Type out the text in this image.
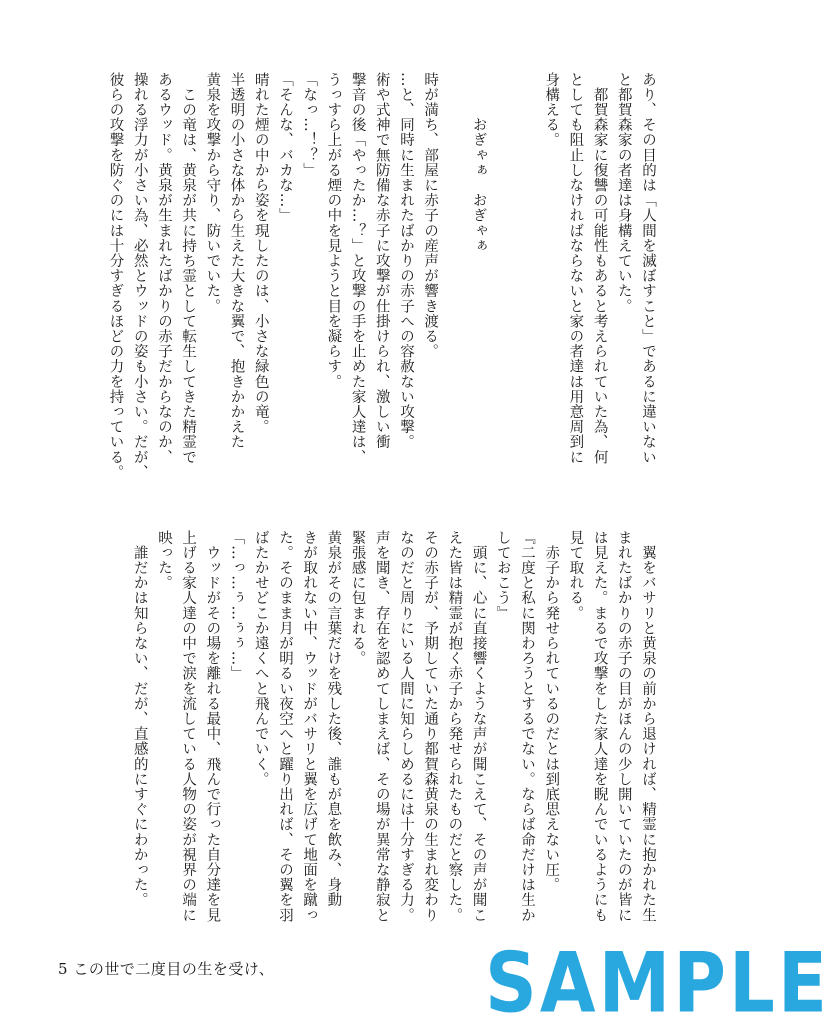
あり、その目的は「人間を滅ぼすこと」であるに違いない

と都賀森家の者達は身構えていた。

　都賀森家に復讐の可能性もあると考えられていた為、何

としても阻止しなければならないと家の者達は用意周到に

身構える。

　　　おぎゃぁ　おぎゃぁ

時が満ち、部屋に赤子の産声が響き渡る。

…と、同時に生まれたばかりの赤子への容赦ない攻撃。

術や式神で無防備な赤子に攻撃が仕掛けられ、激しい衝

撃音の後「やったか…？」と攻撃の手を止めた家人達は、

うっすら上がる煙の中を見ようと目を凝らす。

「なっ…！？」

「そんな、バカな…」

晴れた煙の中から姿を現したのは、小さな緑色の竜。

半透明の小さな体から生えた大きな翼で、抱きかかえた

黄泉を攻撃から守り、防いでいた。

　この竜は、黄泉が共に持ち霊として転生してきた精霊で

あるウッド。黄泉が生まれたばかりの赤子だからなのか、

操れる浮力が小さい為、必然とウッドの姿も小さい。だが、

彼らの攻撃を防ぐのには十分すぎるほどの力を持っている。

　翼をバサリと黄泉の前から退ければ、精霊に抱かれた生

まれたばかりの赤子の目がほんの少し開いていたのが皆に

は見えた。まるで攻撃をした家人達を睨んでいるようにも

見て取れる。

　赤子から発せられているのだとは到底思えない圧。

『二度と私に関わろうとするでない。ならば命だけは生か

しておこう』

　頭に、心に直接響くような声が聞こえて、その声が聞こ

えた皆は精霊が抱く赤子から発せられたものだと察した。

その赤子が、予期していた通り都賀森黄泉の生まれ変わり

なのだと周りにいる人間に知らしめるには十分すぎる力。

声を聞き、存在を認めてしまえば、その場が異常な静寂と

緊張感に包まれる。

黄泉がその言葉だけを残した後、誰もが息を飲み、身動

きが取れない中、ウッドがバサリと翼を広げて地面を蹴っ

た。そのまま月が明るい夜空へと躍り出れば、その翼を羽

ばたかせどこか遠くへと飛んでいく。

「…っ…ぅ…ぅぅ…」

　ウッドがその場を離れる最中、飛んで行った自分達を見

上げる家人達の中で涙を流している人物の姿が視界の端に

映った。

　誰だかは知らない、だが、直感的にすぐにわかった。

5 この世で二度目の生を受け、	SAMPLE
